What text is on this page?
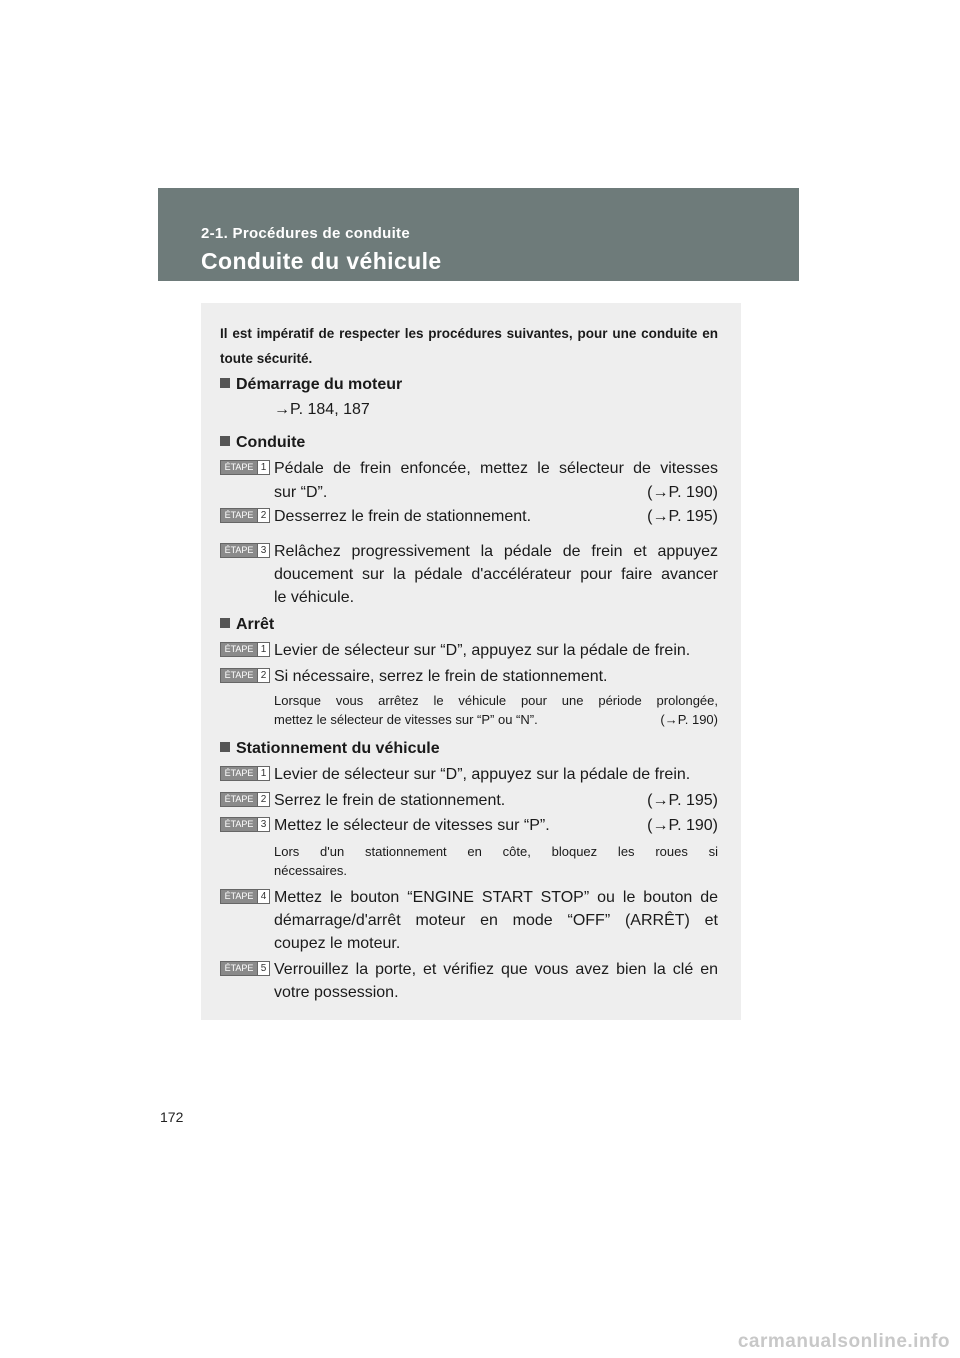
2-1. Procédures de conduite
Conduite du véhicule
Il est impératif de respecter les procédures suivantes, pour une conduite en toute sécurité.
Démarrage du moteur
→P. 184, 187
Conduite
ÉTAPE 1 Pédale de frein enfoncée, mettez le sélecteur de vitesses
sur “D”.	(→P. 190)
ÉTAPE 2 Desserrez le frein de stationnement.	(→P. 195)
ÉTAPE 3 Relâchez progressivement la pédale de frein et appuyez
doucement sur la pédale d'accélérateur pour faire avancer
le véhicule.
Arrêt
ÉTAPE 1 Levier de sélecteur sur “D”, appuyez sur la pédale de frein.
ÉTAPE 2 Si nécessaire, serrez le frein de stationnement.
Lorsque vous arrêtez le véhicule pour une période prolongée,
mettez le sélecteur de vitesses sur “P” ou “N”.	(→P. 190)
Stationnement du véhicule
ÉTAPE 1 Levier de sélecteur sur “D”, appuyez sur la pédale de frein.
ÉTAPE 2 Serrez le frein de stationnement.	(→P. 195)
ÉTAPE 3 Mettez le sélecteur de vitesses sur “P”.	(→P. 190)
Lors d'un stationnement en côte, bloquez les roues si
nécessaires.
ÉTAPE 4 Mettez le bouton “ENGINE START STOP” ou le bouton de
démarrage/d'arrêt moteur en mode “OFF” (ARRÊT) et
coupez le moteur.
ÉTAPE 5 Verrouillez la porte, et vérifiez que vous avez bien la clé en
votre possession.
172
carmanualsonline.info
